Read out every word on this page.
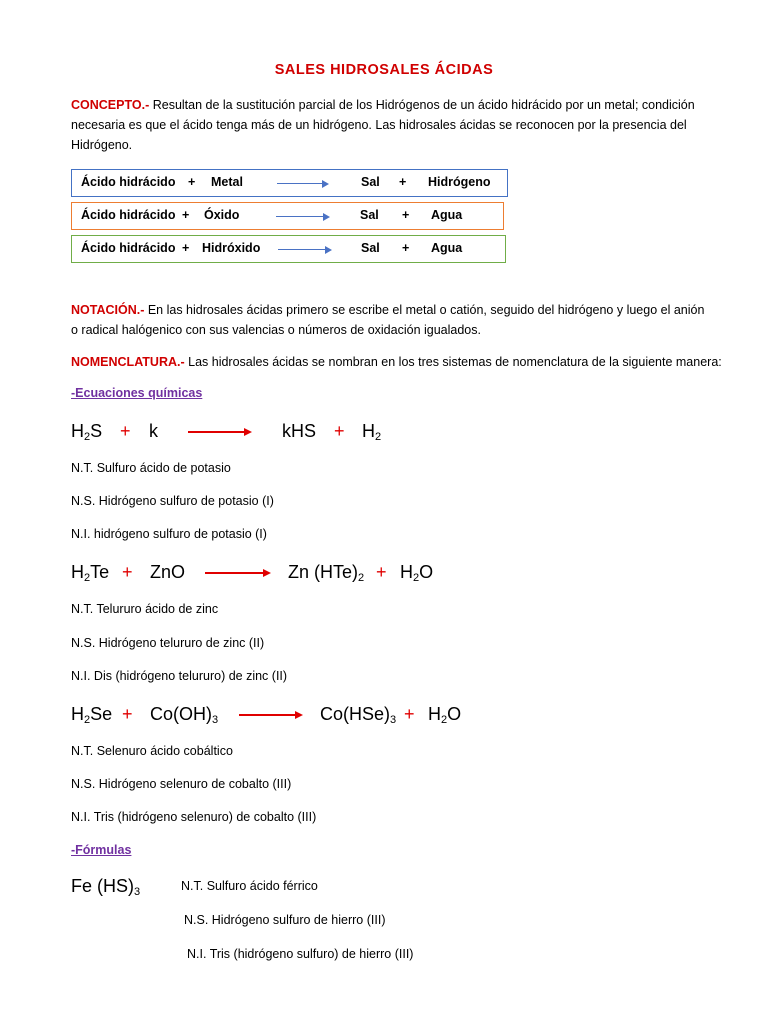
SALES HIDROSALES ÁCIDAS
CONCEPTO.- Resultan de la sustitución parcial de los Hidrógenos de un ácido hidrácido por un metal; condición necesaria es que el ácido tenga más de un hidrógeno. Las hidrosales ácidas se reconocen por la presencia del Hidrógeno.
Ácido hidrácido + Metal	Sal + Hidrógeno
Ácido hidrácido + Óxido	Sal + Agua
Ácido hidrácido + Hidróxido	Sal + Agua
NOTACIÓN.- En las hidrosales ácidas primero se escribe el metal o catión, seguido del hidrógeno y luego el anión o radical halógenico con sus valencias o números de oxidación igualados.
NOMENCLATURA.- Las hidrosales ácidas se nombran en los tres sistemas de nomenclatura de la siguiente manera:
-Ecuaciones químicas
$H_2S + k$	kHS + $H_2$
N.T. Sulfuro ácido de potasio
N.S. Hidrógeno sulfuro de potasio (I)
N.I. hidrógeno sulfuro de potasio (I)
$H_2Te$ + ZnO → Zn $(HTe)_2 + H_2O$
N.T. Telururo ácido de zinc
N.S. Hidrógeno telururo de zinc (II)
N.I. Dis (hidrógeno telururo) de zinc (II)
$H_2Se + Co(OH)_3 \to Co(HSe)_3 + H_2O$
N.T. Selenuro ácido cobáltico
N.S. Hidrógeno selenuro de cobalto (III)
N.I. Tris (hidrógeno selenuro) de cobalto (III)
-Fórmulas
Fe $(HS)_3$	N.T. Sulfuro ácido férrico
N.S. Hidrógeno sulfuro de hierro (III)
N.I. Tris (hidrógeno sulfuro) de hierro (III)
